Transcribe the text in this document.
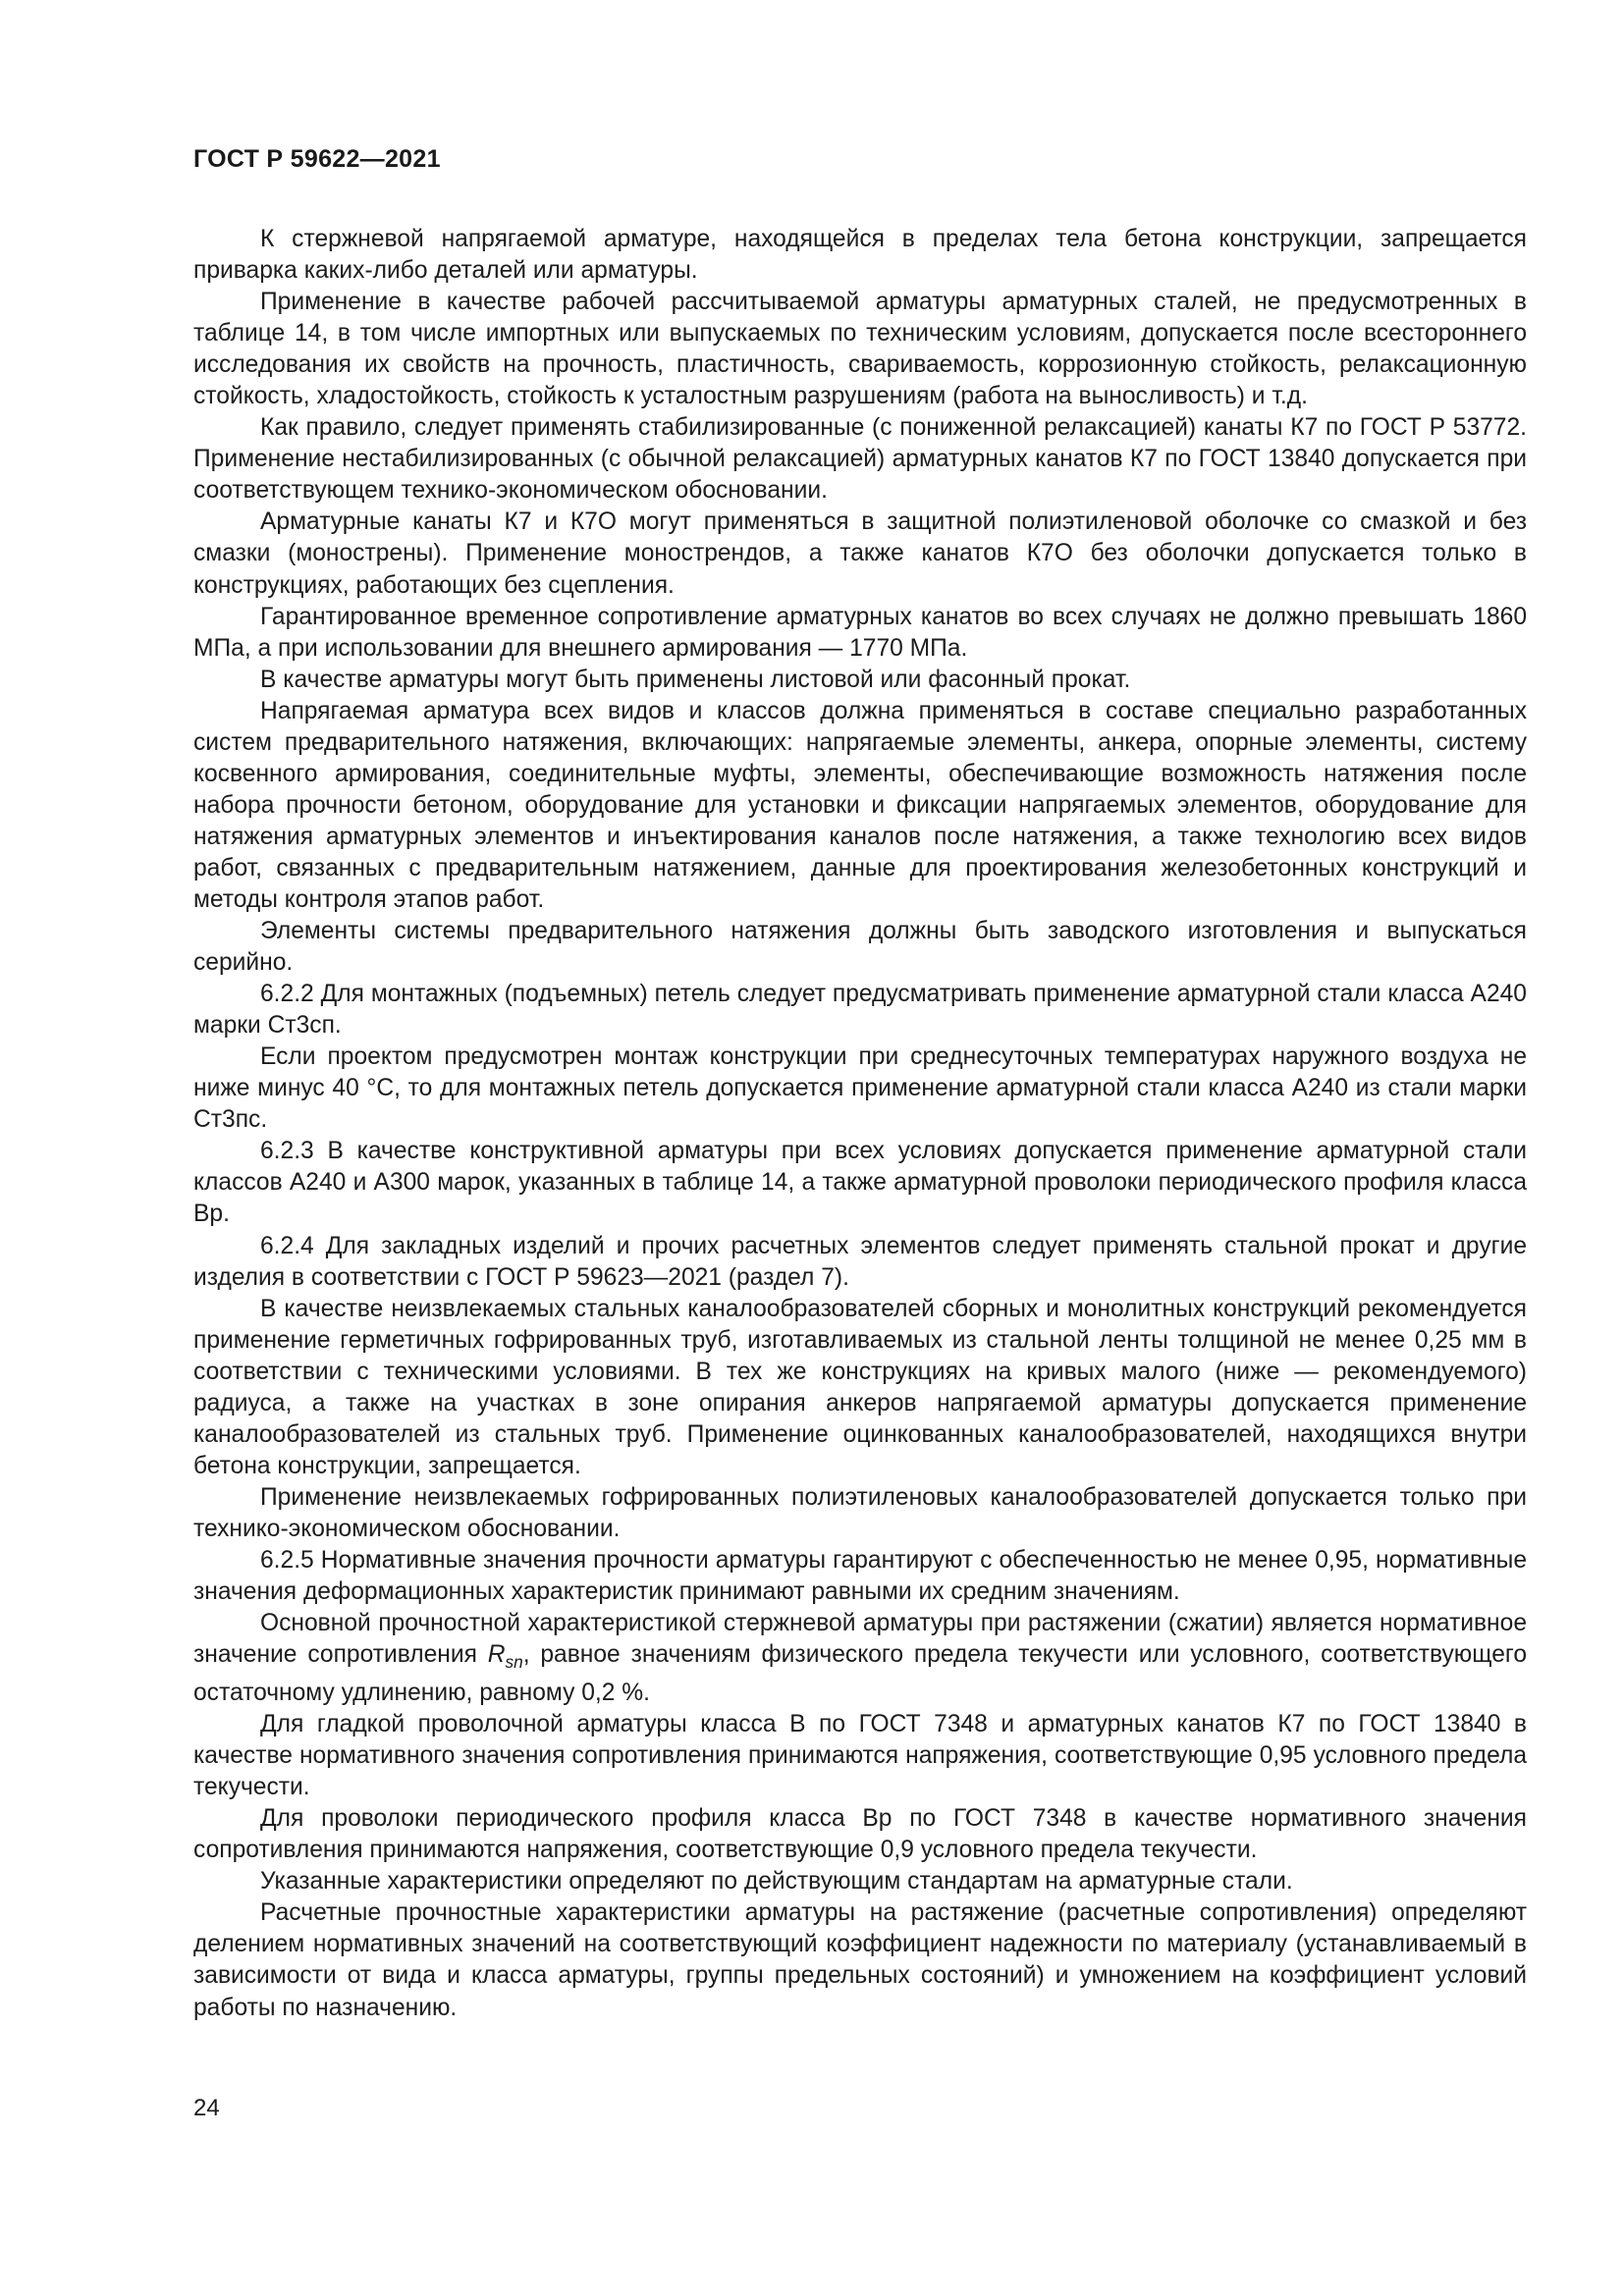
ГОСТ Р 59622—2021

К стержневой напрягаемой арматуре, находящейся в пределах тела бетона конструкции, запрещается приварка каких-либо деталей или арматуры.

Применение в качестве рабочей рассчитываемой арматуры арматурных сталей, не предусмотренных в таблице 14, в том числе импортных или выпускаемых по техническим условиям, допускается после всестороннего исследования их свойств на прочность, пластичность, свариваемость, коррозионную стойкость, релаксационную стойкость, хладостойкость, стойкость к усталостным разрушениям (работа на выносливость) и т.д.

Как правило, следует применять стабилизированные (с пониженной релаксацией) канаты К7 по ГОСТ Р 53772. Применение нестабилизированных (с обычной релаксацией) арматурных канатов К7 по ГОСТ 13840 допускается при соответствующем технико-экономическом обосновании.

Арматурные канаты К7 и К7О могут применяться в защитной полиэтиленовой оболочке со смазкой и без смазки (монострены). Применение монострендов, а также канатов К7О без оболочки допускается только в конструкциях, работающих без сцепления.

Гарантированное временное сопротивление арматурных канатов во всех случаях не должно превышать 1860 МПа, а при использовании для внешнего армирования — 1770 МПа.

В качестве арматуры могут быть применены листовой или фасонный прокат.

Напрягаемая арматура всех видов и классов должна применяться в составе специально разработанных систем предварительного натяжения, включающих: напрягаемые элементы, анкера, опорные элементы, систему косвенного армирования, соединительные муфты, элементы, обеспечивающие возможность натяжения после набора прочности бетоном, оборудование для установки и фиксации напрягаемых элементов, оборудование для натяжения арматурных элементов и инъектирования каналов после натяжения, а также технологию всех видов работ, связанных с предварительным натяжением, данные для проектирования железобетонных конструкций и методы контроля этапов работ.

Элементы системы предварительного натяжения должны быть заводского изготовления и выпускаться серийно.

6.2.2 Для монтажных (подъемных) петель следует предусматривать применение арматурной стали класса А240 марки Ст3сп.

Если проектом предусмотрен монтаж конструкции при среднесуточных температурах наружного воздуха не ниже минус 40 °С, то для монтажных петель допускается применение арматурной стали класса А240 из стали марки Ст3пс.

6.2.3 В качестве конструктивной арматуры при всех условиях допускается применение арматурной стали классов А240 и А300 марок, указанных в таблице 14, а также арматурной проволоки периодического профиля класса Вр.

6.2.4 Для закладных изделий и прочих расчетных элементов следует применять стальной прокат и другие изделия в соответствии с ГОСТ Р 59623—2021 (раздел 7).

В качестве неизвлекаемых стальных каналообразователей сборных и монолитных конструкций рекомендуется применение герметичных гофрированных труб, изготавливаемых из стальной ленты толщиной не менее 0,25 мм в соответствии с техническими условиями. В тех же конструкциях на кривых малого (ниже — рекомендуемого) радиуса, а также на участках в зоне опирания анкеров напрягаемой арматуры допускается применение каналообразователей из стальных труб. Применение оцинкованных каналообразователей, находящихся внутри бетона конструкции, запрещается.

Применение неизвлекаемых гофрированных полиэтиленовых каналообразователей допускается только при технико-экономическом обосновании.

6.2.5 Нормативные значения прочности арматуры гарантируют с обеспеченностью не менее 0,95, нормативные значения деформационных характеристик принимают равными их средним значениям.

Основной прочностной характеристикой стержневой арматуры при растяжении (сжатии) является нормативное значение сопротивления $R_{sn}$, равное значениям физического предела текучести или условного, соответствующего остаточному удлинению, равному 0,2 %.

Для гладкой проволочной арматуры класса В по ГОСТ 7348 и арматурных канатов К7 по ГОСТ 13840 в качестве нормативного значения сопротивления принимаются напряжения, соответствующие 0,95 условного предела текучести.

Для проволоки периодического профиля класса Вр по ГОСТ 7348 в качестве нормативного значения сопротивления принимаются напряжения, соответствующие 0,9 условного предела текучести.

Указанные характеристики определяют по действующим стандартам на арматурные стали.

Расчетные прочностные характеристики арматуры на растяжение (расчетные сопротивления) определяют делением нормативных значений на соответствующий коэффициент надежности по материалу (устанавливаемый в зависимости от вида и класса арматуры, группы предельных состояний) и умножением на коэффициент условий работы по назначению.

24
